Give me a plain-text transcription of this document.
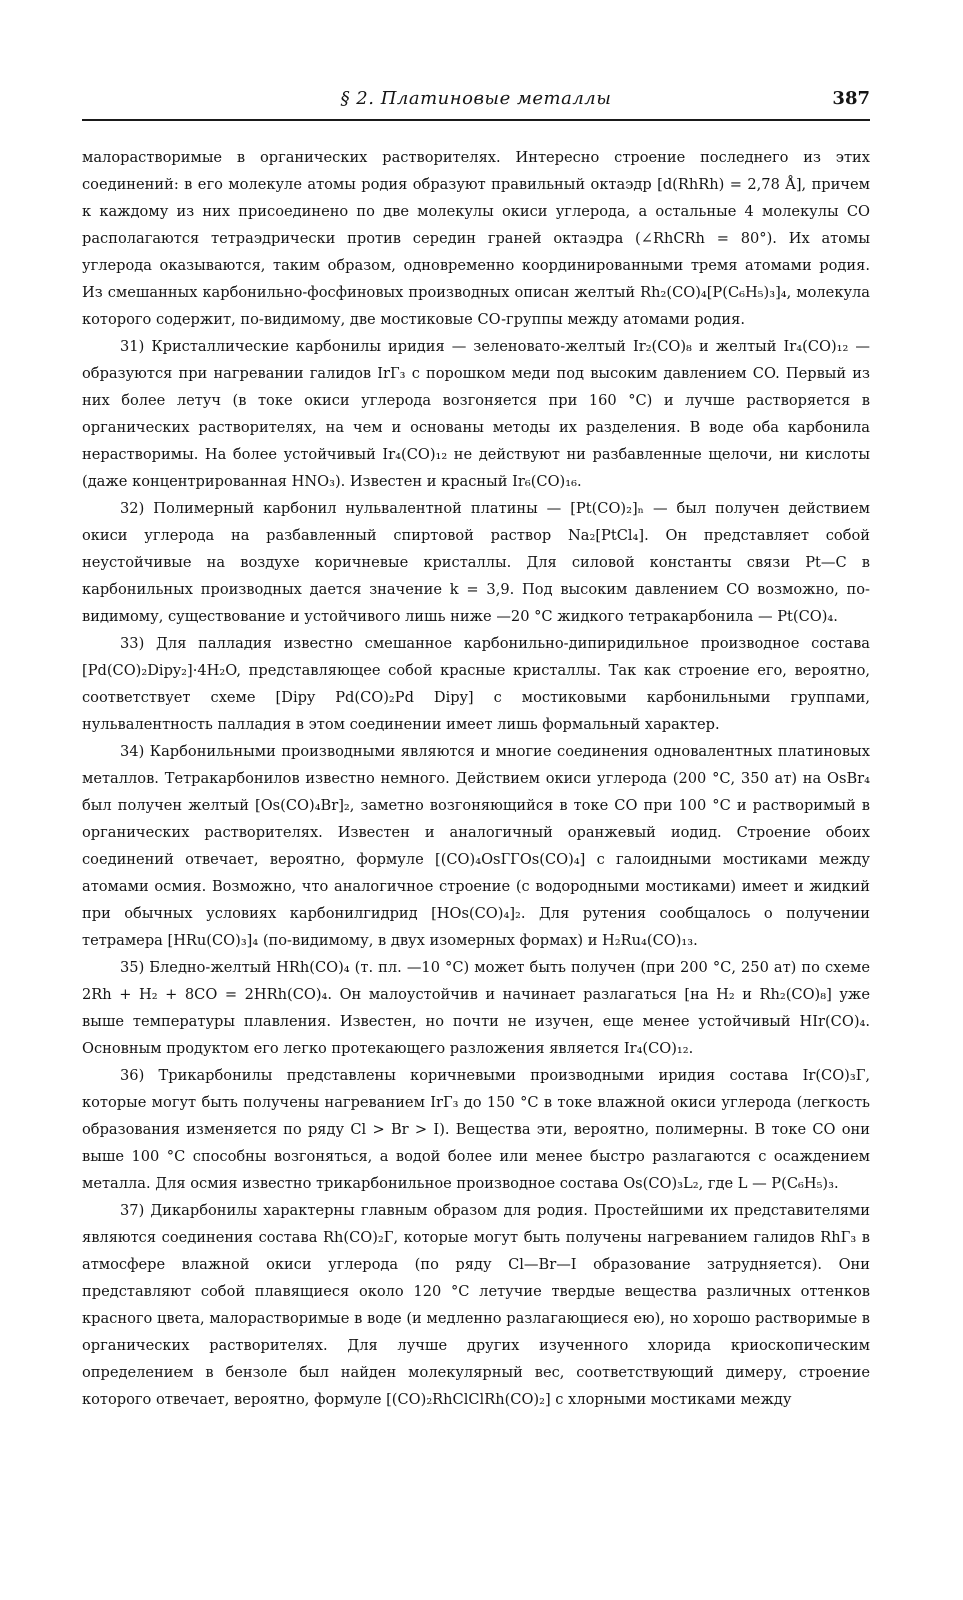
§ 2. Платиновые металлы	387

малорастворимые в органических растворителях. Интересно строение последнего из этих соединений: в его молекуле атомы родия образуют правильный октаэдр [d(RhRh) = 2,78 Å], причем к каждому из них присоединено по две молекулы окиси углерода, а остальные 4 молекулы CO располагаются тетраэдрически против середин граней октаэдра (∠RhCRh = 80°). Их атомы углерода оказываются, таким образом, одновременно координированными тремя атомами родия. Из смешанных карбонильно-фосфиновых производных описан желтый Rh₂(CO)₄[P(C₆H₅)₃]₄, молекула которого содержит, по-видимому, две мостиковые CO-группы между атомами родия.

31) Кристаллические карбонилы иридия — зеленовато-желтый Ir₂(CO)₈ и желтый Ir₄(CO)₁₂ — образуются при нагревании галидов IrГ₃ с порошком меди под высоким давлением CO. Первый из них более летуч (в токе окиси углерода возгоняется при 160 °С) и лучше растворяется в органических растворителях, на чем и основаны методы их разделения. В воде оба карбонила нерастворимы. На более устойчивый Ir₄(CO)₁₂ не действуют ни разбавленные щелочи, ни кислоты (даже концентрированная HNO₃). Известен и красный Ir₆(CO)₁₆.

32) Полимерный карбонил нульвалентной платины — [Pt(CO)₂]ₙ — был получен действием окиси углерода на разбавленный спиртовой раствор Na₂[PtCl₄]. Он представляет собой неустойчивые на воздухе коричневые кристаллы. Для силовой константы связи Pt—C в карбонильных производных дается значение k = 3,9. Под высоким давлением CO возможно, по-видимому, существование и устойчивого лишь ниже —20 °С жидкого тетракарбонила — Pt(CO)₄.

33) Для палладия известно смешанное карбонильно-дипиридильное производное состава [Pd(CO)₂Dipy₂]·4H₂O, представляющее собой красные кристаллы. Так как строение его, вероятно, соответствует схеме [Dipy Pd(CO)₂Pd Dipy] с мостиковыми карбонильными группами, нульвалентность палладия в этом соединении имеет лишь формальный характер.

34) Карбонильными производными являются и многие соединения одновалентных платиновых металлов. Тетракарбонилов известно немного. Действием окиси углерода (200 °С, 350 ат) на OsBr₄ был получен желтый [Os(CO)₄Br]₂, заметно возгоняющийся в токе CO при 100 °С и растворимый в органических растворителях. Известен и аналогичный оранжевый иодид. Строение обоих соединений отвечает, вероятно, формуле [(CO)₄OsГГOs(CO)₄] с галоидными мостиками между атомами осмия. Возможно, что аналогичное строение (с водородными мостиками) имеет и жидкий при обычных условиях карбонилгидрид [HOs(CO)₄]₂. Для рутения сообщалось о получении тетрамера [HRu(CO)₃]₄ (по-видимому, в двух изомерных формах) и H₂Ru₄(CO)₁₃.

35) Бледно-желтый HRh(CO)₄ (т. пл. —10 °С) может быть получен (при 200 °С, 250 ат) по схеме 2Rh + H₂ + 8CO = 2HRh(CO)₄. Он малоустойчив и начинает разлагаться [на H₂ и Rh₂(CO)₈] уже выше температуры плавления. Известен, но почти не изучен, еще менее устойчивый HIr(CO)₄. Основным продуктом его легко протекающего разложения является Ir₄(CO)₁₂.

36) Трикарбонилы представлены коричневыми производными иридия состава Ir(CO)₃Г, которые могут быть получены нагреванием IrГ₃ до 150 °С в токе влажной окиси углерода (легкость образования изменяется по ряду Cl > Br > I). Вещества эти, вероятно, полимерны. В токе CO они выше 100 °С способны возгоняться, а водой более или менее быстро разлагаются с осаждением металла. Для осмия известно трикарбонильное производное состава Os(CO)₃L₂, где L — P(C₆H₅)₃.

37) Дикарбонилы характерны главным образом для родия. Простейшими их представителями являются соединения состава Rh(CO)₂Г, которые могут быть получены нагреванием галидов RhГ₃ в атмосфере влажной окиси углерода (по ряду Cl—Br—I образование затрудняется). Они представляют собой плавящиеся около 120 °С летучие твердые вещества различных оттенков красного цвета, малорастворимые в воде (и медленно разлагающиеся ею), но хорошо растворимые в органических растворителях. Для лучше других изученного хлорида криоскопическим определением в бензоле был найден молекулярный вес, соответствующий димеру, строение которого отвечает, вероятно, формуле [(CO)₂RhClClRh(CO)₂] с хлорными мостиками между
